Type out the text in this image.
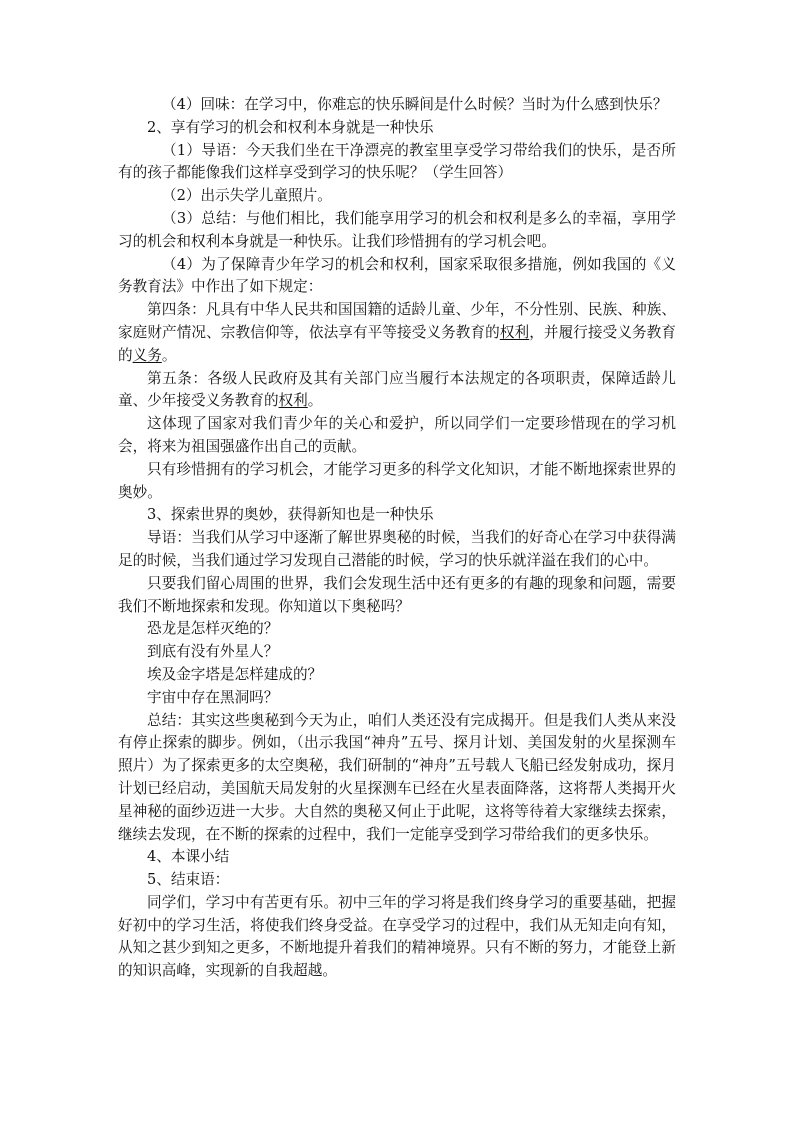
（4）回味：在学习中，你难忘的快乐瞬间是什么时候？当时为什么感到快乐？

2、享有学习的机会和权利本身就是一种快乐

（1）导语：今天我们坐在干净漂亮的教室里享受学习带给我们的快乐，是否所有的孩子都能像我们这样享受到学习的快乐呢？（学生回答）

（2）出示失学儿童照片。

（3）总结：与他们相比，我们能享用学习的机会和权利是多么的幸福，享用学习的机会和权利本身就是一种快乐。让我们珍惜拥有的学习机会吧。

（4）为了保障青少年学习的机会和权利，国家采取很多措施，例如我国的《义务教育法》中作出了如下规定：

第四条：凡具有中华人民共和国国籍的适龄儿童、少年，不分性别、民族、种族、家庭财产情况、宗教信仰等，依法享有平等接受义务教育的权利，并履行接受义务教育的义务。

第五条：各级人民政府及其有关部门应当履行本法规定的各项职责，保障适龄儿童、少年接受义务教育的权利。

这体现了国家对我们青少年的关心和爱护，所以同学们一定要珍惜现在的学习机会，将来为祖国强盛作出自己的贡献。

只有珍惜拥有的学习机会，才能学习更多的科学文化知识，才能不断地探索世界的奥妙。

3、探索世界的奥妙，获得新知也是一种快乐

导语：当我们从学习中逐渐了解世界奥秘的时候，当我们的好奇心在学习中获得满足的时候，当我们通过学习发现自己潜能的时候，学习的快乐就洋溢在我们的心中。

只要我们留心周围的世界，我们会发现生活中还有更多的有趣的现象和问题，需要我们不断地探索和发现。你知道以下奥秘吗？

恐龙是怎样灭绝的？

到底有没有外星人？

埃及金字塔是怎样建成的？

宇宙中存在黑洞吗？

总结：其实这些奥秘到今天为止，咱们人类还没有完成揭开。但是我们人类从来没有停止探索的脚步。例如，（出示我国“神舟”五号、探月计划、美国发射的火星探测车照片）为了探索更多的太空奥秘，我们研制的“神舟”五号载人飞船已经发射成功，探月计划已经启动，美国航天局发射的火星探测车已经在火星表面降落，这将帮人类揭开火星神秘的面纱迈进一大步。大自然的奥秘又何止于此呢，这将等待着大家继续去探索，继续去发现，在不断的探索的过程中，我们一定能享受到学习带给我们的更多快乐。

4、本课小结

5、结束语：

同学们，学习中有苦更有乐。初中三年的学习将是我们终身学习的重要基础，把握好初中的学习生活，将使我们终身受益。在享受学习的过程中，我们从无知走向有知，从知之甚少到知之更多，不断地提升着我们的精神境界。只有不断的努力，才能登上新的知识高峰，实现新的自我超越。
